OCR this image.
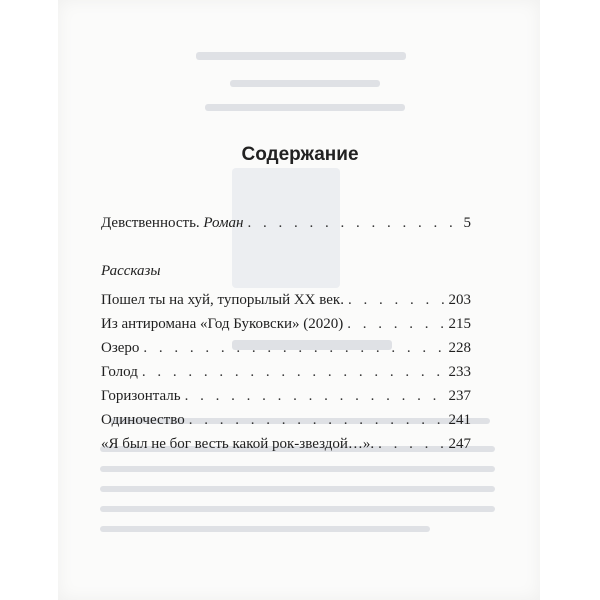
Содержание
Девственность. Роман . . .	5
Рассказы
Пошел ты на хуй, тупорылый XX век. . . .	203
Из антиромана «Год Буковски» (2020) . . .	215
Озеро . . .	228
Голод . . .	233
Горизонталь . . .	237
Одиночество . . .	241
«Я был не бог весть какой рок-звездой…». . . .	247
